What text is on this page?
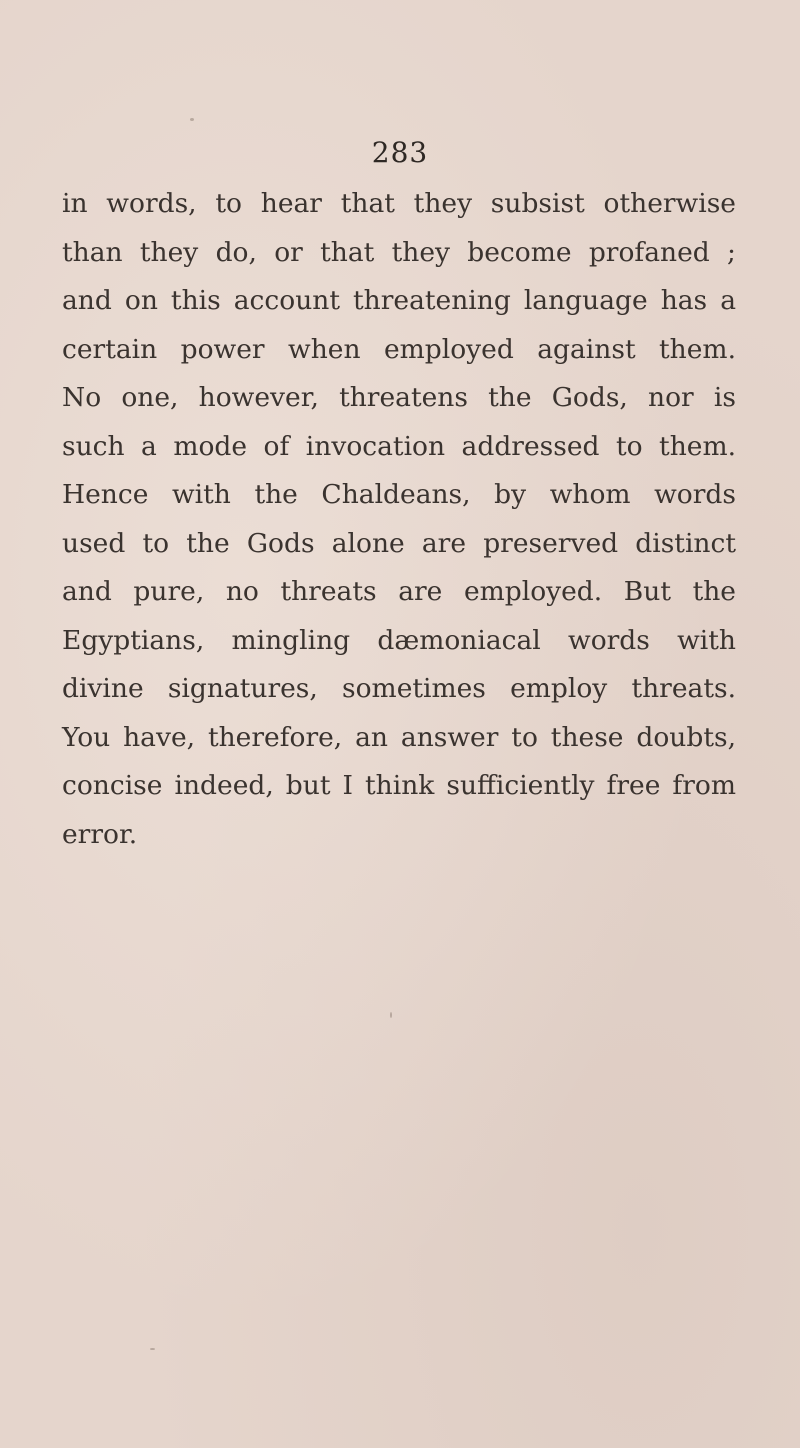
283
in words, to hear that they subsist otherwise
than they do, or that they become profaned ;
and on this account threatening language has a
certain power when employed against them.
No one, however, threatens the Gods, nor is
such a mode of invocation addressed to them.
Hence with the Chaldeans, by whom words
used to the Gods alone are preserved distinct
and pure, no threats are employed. But the
Egyptians, mingling dæmoniacal words with
divine signatures, sometimes employ threats.
You have, therefore, an answer to these doubts,
concise indeed, but I think sufficiently free from
error.
